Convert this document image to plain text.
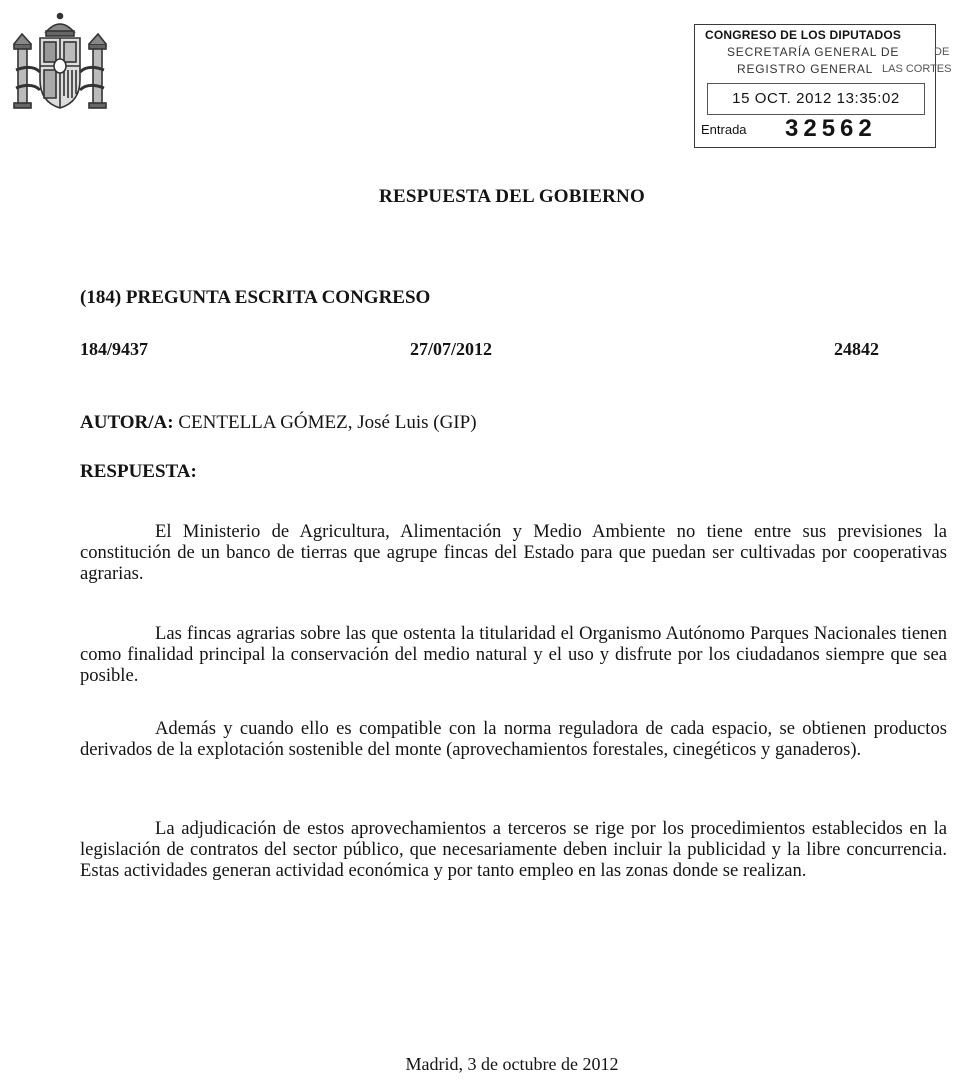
CONGRESO DE LOS DIPUTADOS
SECRETARÍA GENERAL DE
REGISTRO GENERAL
15 OCT. 2012 13:35:02
Entrada 32562
DE
LAS CORTES
RESPUESTA DEL GOBIERNO
(184) PREGUNTA ESCRITA CONGRESO
184/9437	27/07/2012	24842
AUTOR/A: CENTELLA GÓMEZ, José Luis (GIP)
RESPUESTA:

El Ministerio de Agricultura, Alimentación y Medio Ambiente no tiene entre sus previsiones la constitución de un banco de tierras que agrupe fincas del Estado para que puedan ser cultivadas por cooperativas agrarias.

Las fincas agrarias sobre las que ostenta la titularidad el Organismo Autónomo Parques Nacionales tienen como finalidad principal la conservación del medio natural y el uso y disfrute por los ciudadanos siempre que sea posible.

Además y cuando ello es compatible con la norma reguladora de cada espacio, se obtienen productos derivados de la explotación sostenible del monte (aprovechamientos forestales, cinegéticos y ganaderos).

La adjudicación de estos aprovechamientos a terceros se rige por los procedimientos establecidos en la legislación de contratos del sector público, que necesariamente deben incluir la publicidad y la libre concurrencia. Estas actividades generan actividad económica y por tanto empleo en las zonas donde se realizan.

Madrid, 3 de octubre de 2012
